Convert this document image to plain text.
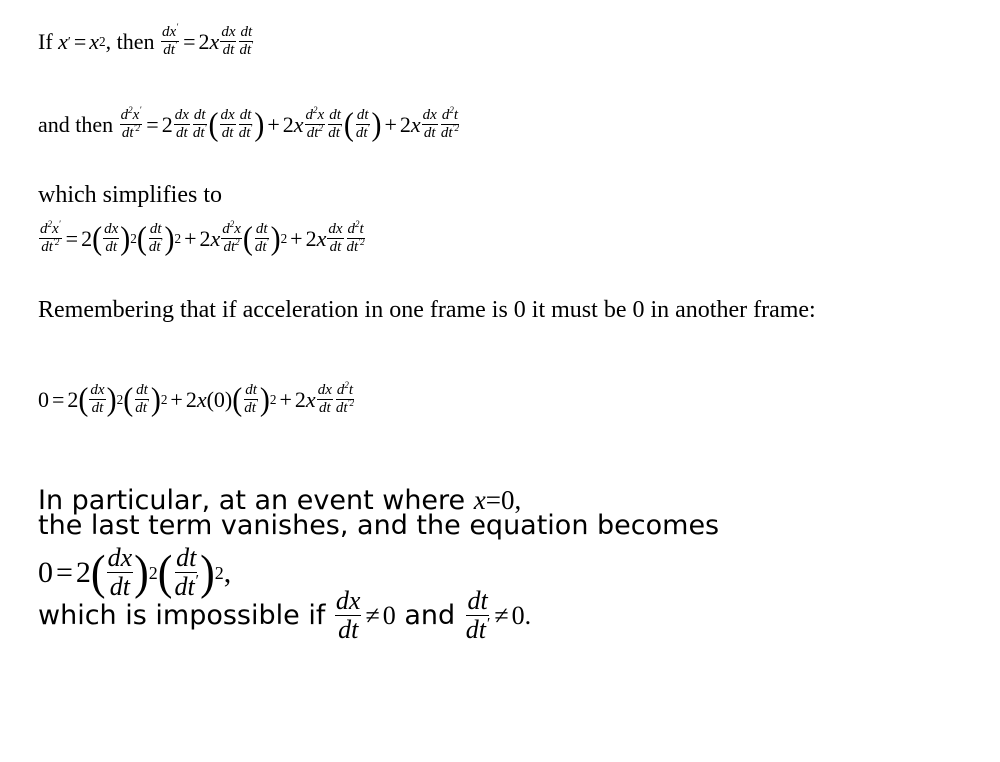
If
x ′ = x 2 , then
$\frac{dx'}{dt'} = 2$ x $\frac{dx}{dt} \frac{dt}{dt'}$
and then
$\frac{d^2x'}{dt^{'2}} = 2 \frac{dx}{dt} \frac{dt}{dt'}$ ( $\frac{dx}{dt} \frac{dt}{dt'}$ ) + 2 x $\frac{d^2x}{dt^2} \frac{dt}{dt'}$ ( $\frac{dt}{dt'}$ ) + 2 x $\frac{dx}{dt} \frac{d^2t}{dt^{'2}}$
which simplifies to
$\frac{d^2x'}{dt^{'2}} = 2$ ( $\frac{dx}{dt}$ ) 2 ( $\frac{dt}{dt'}$ ) 2 + 2 x $\frac{d^2x}{dt^2}$ ( $\frac{dt}{dt'}$ ) 2 + 2 x $\frac{dx}{dt} \frac{d^2t}{dt^{'2}}$
Remembering that if acceleration in one frame is 0 it must be 0 in another frame:
0 = 2 ( $\frac{dx}{dt}$ ) 2 ( $\frac{dt}{dt'}$ ) 2 + 2 x (0) ( $\frac{dt}{dt'}$ ) 2 + 2 x $\frac{dx}{dt} \frac{d^2t}{dt^{'2}}$
In particular, at an event where
x =0,
the last term vanishes, and the equation becomes
0 = 2 ( $\frac{dx}{dt}$ ) 2 ( $\frac{dt}{dt'}$ ) 2 ,
which is impossible if
$\frac{dx}{dt} \ne 0$
and
$\frac{dt}{dt'} \ne 0$.
